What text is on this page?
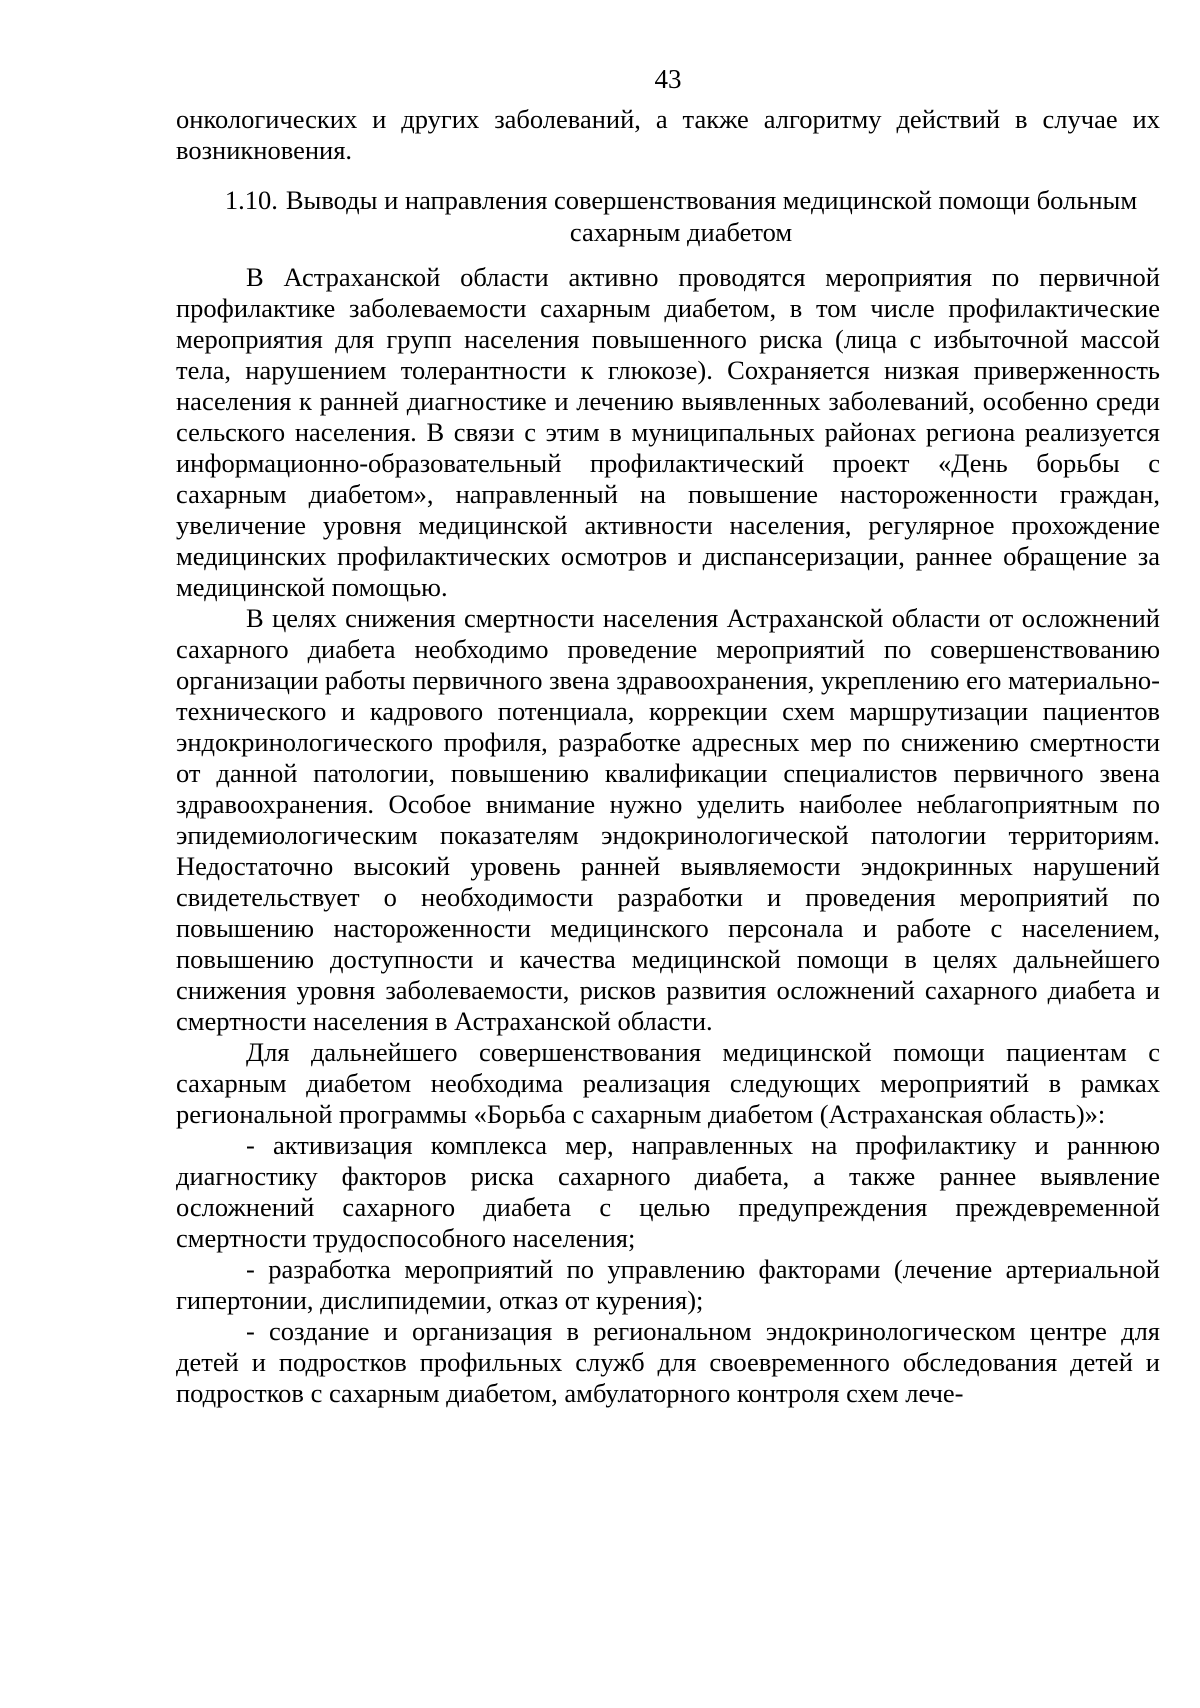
43

онкологических и других заболеваний, а также алгоритму действий в случае их возникновения.

1.10. Выводы и направления совершенствования медицинской помощи больным сахарным диабетом

В Астраханской области активно проводятся мероприятия по первичной профилактике заболеваемости сахарным диабетом, в том числе профилактические мероприятия для групп населения повышенного риска (лица с избыточной массой тела, нарушением толерантности к глюкозе). Сохраняется низкая приверженность населения к ранней диагностике и лечению выявленных заболеваний, особенно среди сельского населения. В связи с этим в муниципальных районах региона реализуется информационно-образовательный профилактический проект «День борьбы с сахарным диабетом», направленный на повышение настороженности граждан, увеличение уровня медицинской активности населения, регулярное прохождение медицинских профилактических осмотров и диспансеризации, раннее обращение за медицинской помощью.

В целях снижения смертности населения Астраханской области от осложнений сахарного диабета необходимо проведение мероприятий по совершенствованию организации работы первичного звена здравоохранения, укреплению его материально-технического и кадрового потенциала, коррекции схем маршрутизации пациентов эндокринологического профиля, разработке адресных мер по снижению смертности от данной патологии, повышению квалификации специалистов первичного звена здравоохранения. Особое внимание нужно уделить наиболее неблагоприятным по эпидемиологическим показателям эндокринологической патологии территориям. Недостаточно высокий уровень ранней выявляемости эндокринных нарушений свидетельствует о необходимости разработки и проведения мероприятий по повышению настороженности медицинского персонала и работе с населением, повышению доступности и качества медицинской помощи в целях дальнейшего снижения уровня заболеваемости, рисков развития осложнений сахарного диабета и смертности населения в Астраханской области.

Для дальнейшего совершенствования медицинской помощи пациентам с сахарным диабетом необходима реализация следующих мероприятий в рамках региональной программы «Борьба с сахарным диабетом (Астраханская область)»:

- активизация комплекса мер, направленных на профилактику и раннюю диагностику факторов риска сахарного диабета, а также раннее выявление осложнений сахарного диабета с целью предупреждения преждевременной смертности трудоспособного населения;

- разработка мероприятий по управлению факторами (лечение артериальной гипертонии, дислипидемии, отказ от курения);

- создание и организация в региональном эндокринологическом центре для детей и подростков профильных служб для своевременного обследования детей и подростков с сахарным диабетом, амбулаторного контроля схем лече-
